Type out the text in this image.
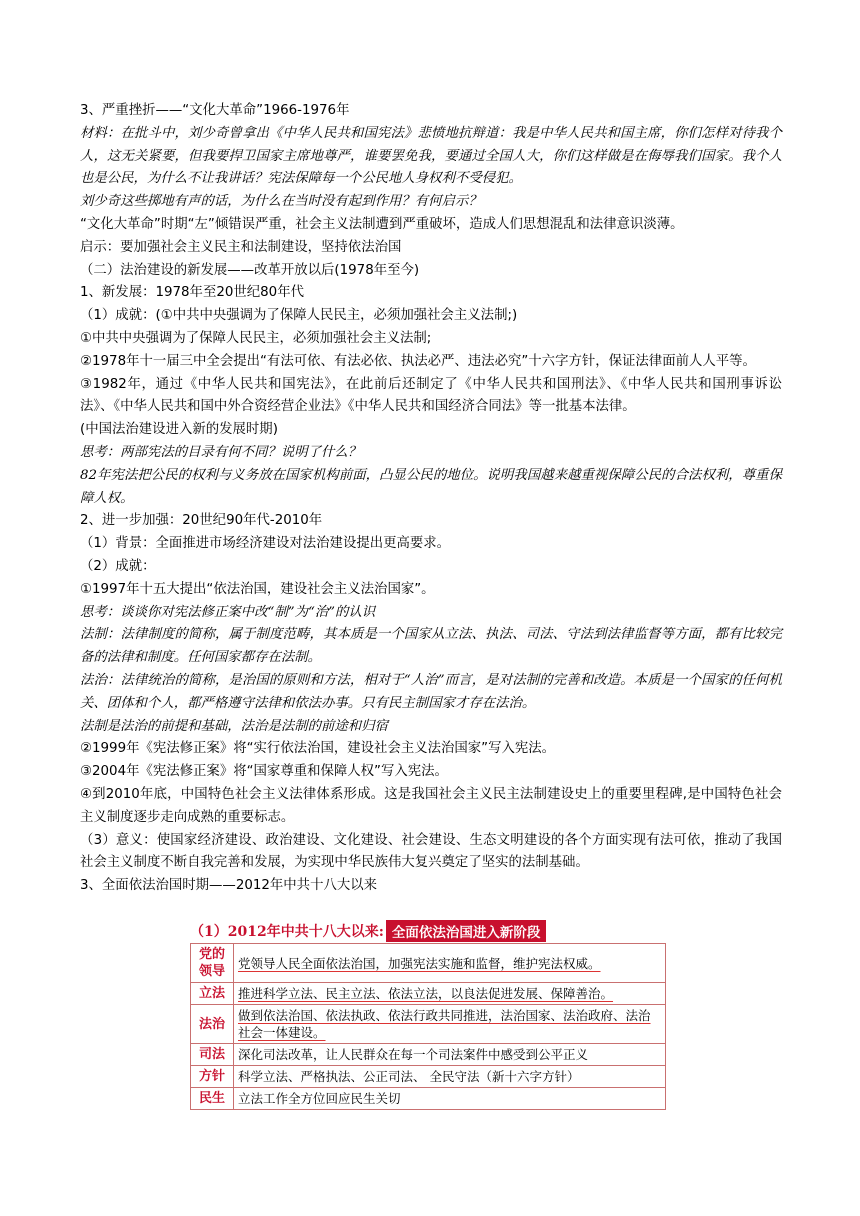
3、严重挫折——“文化大革命”1966-1976年

材料：在批斗中，刘少奇曾拿出《中华人民共和国宪法》悲愤地抗辩道：我是中华人民共和国主席，你们怎样对待我个人，这无关紧要，但我要捍卫国家主席地尊严，谁要罢免我，要通过全国人大，你们这样做是在侮辱我们国家。我个人也是公民，为什么不让我讲话？宪法保障每一个公民地人身权利不受侵犯。

刘少奇这些掷地有声的话，为什么在当时没有起到作用？有何启示？

“文化大革命”时期“左”倾错误严重，社会主义法制遭到严重破坏，造成人们思想混乱和法律意识淡薄。

启示：要加强社会主义民主和法制建设，坚持依法治国

（二）法治建设的新发展——改革开放以后(1978年至今)

1、新发展：1978年至20世纪80年代

（1）成就：(①中共中央强调为了保障人民民主，必须加强社会主义法制;)

①中共中央强调为了保障人民民主，必须加强社会主义法制;

②1978年十一届三中全会提出“有法可依、有法必依、执法必严、违法必究”十六字方针，保证法律面前人人平等。

③1982年，通过《中华人民共和国宪法》，在此前后还制定了《中华人民共和国刑法》、《中华人民共和国刑事诉讼法》、《中华人民共和国中外合资经营企业法》《中华人民共和国经济合同法》等一批基本法律。

(中国法治建设进入新的发展时期)

思考：两部宪法的目录有何不同？说明了什么？

82年宪法把公民的权利与义务放在国家机构前面，凸显公民的地位。说明我国越来越重视保障公民的合法权利，尊重保障人权。

2、进一步加强：20世纪90年代-2010年

（1）背景：全面推进市场经济建设对法治建设提出更高要求。

（2）成就：

①1997年十五大提出“依法治国，建设社会主义法治国家”。

思考：谈谈你对宪法修正案中改“制”为“治”的认识

法制：法律制度的简称，属于制度范畴，其本质是一个国家从立法、执法、司法、守法到法律监督等方面，都有比较完备的法律和制度。任何国家都存在法制。

法治：法律统治的简称，是治国的原则和方法，相对于“人治”而言，是对法制的完善和改造。本质是一个国家的任何机关、团体和个人，都严格遵守法律和依法办事。只有民主制国家才存在法治。

法制是法治的前提和基础，法治是法制的前途和归宿

②1999年《宪法修正案》将“实行依法治国，建设社会主义法治国家”写入宪法。

③2004年《宪法修正案》将“国家尊重和保障人权”写入宪法。

④到2010年底，中国特色社会主义法律体系形成。这是我国社会主义民主法制建设史上的重要里程碑,是中国特色社会主义制度逐步走向成熟的重要标志。

（3）意义：使国家经济建设、政治建设、文化建设、社会建设、生态文明建设的各个方面实现有法可依，推动了我国社会主义制度不断自我完善和发展，为实现中华民族伟大复兴奠定了坚实的法制基础。

3、全面依法治国时期——2012年中共十八大以来

（1）2012年中共十八大以来: 全面依法治国进入新阶段
党的领导	党领导人民全面依法治国，加强宪法实施和监督，维护宪法权威。
立法	推进科学立法、民主立法、依法立法，以良法促进发展、保障善治。
法治	做到依法治国、依法执政、依法行政共同推进，法治国家、法治政府、法治社会一体建设。
司法	深化司法改革，让人民群众在每一个司法案件中感受到公平正义
方针	科学立法、严格执法、公正司法、 全民守法（新十六字方针）
民生	立法工作全方位回应民生关切
